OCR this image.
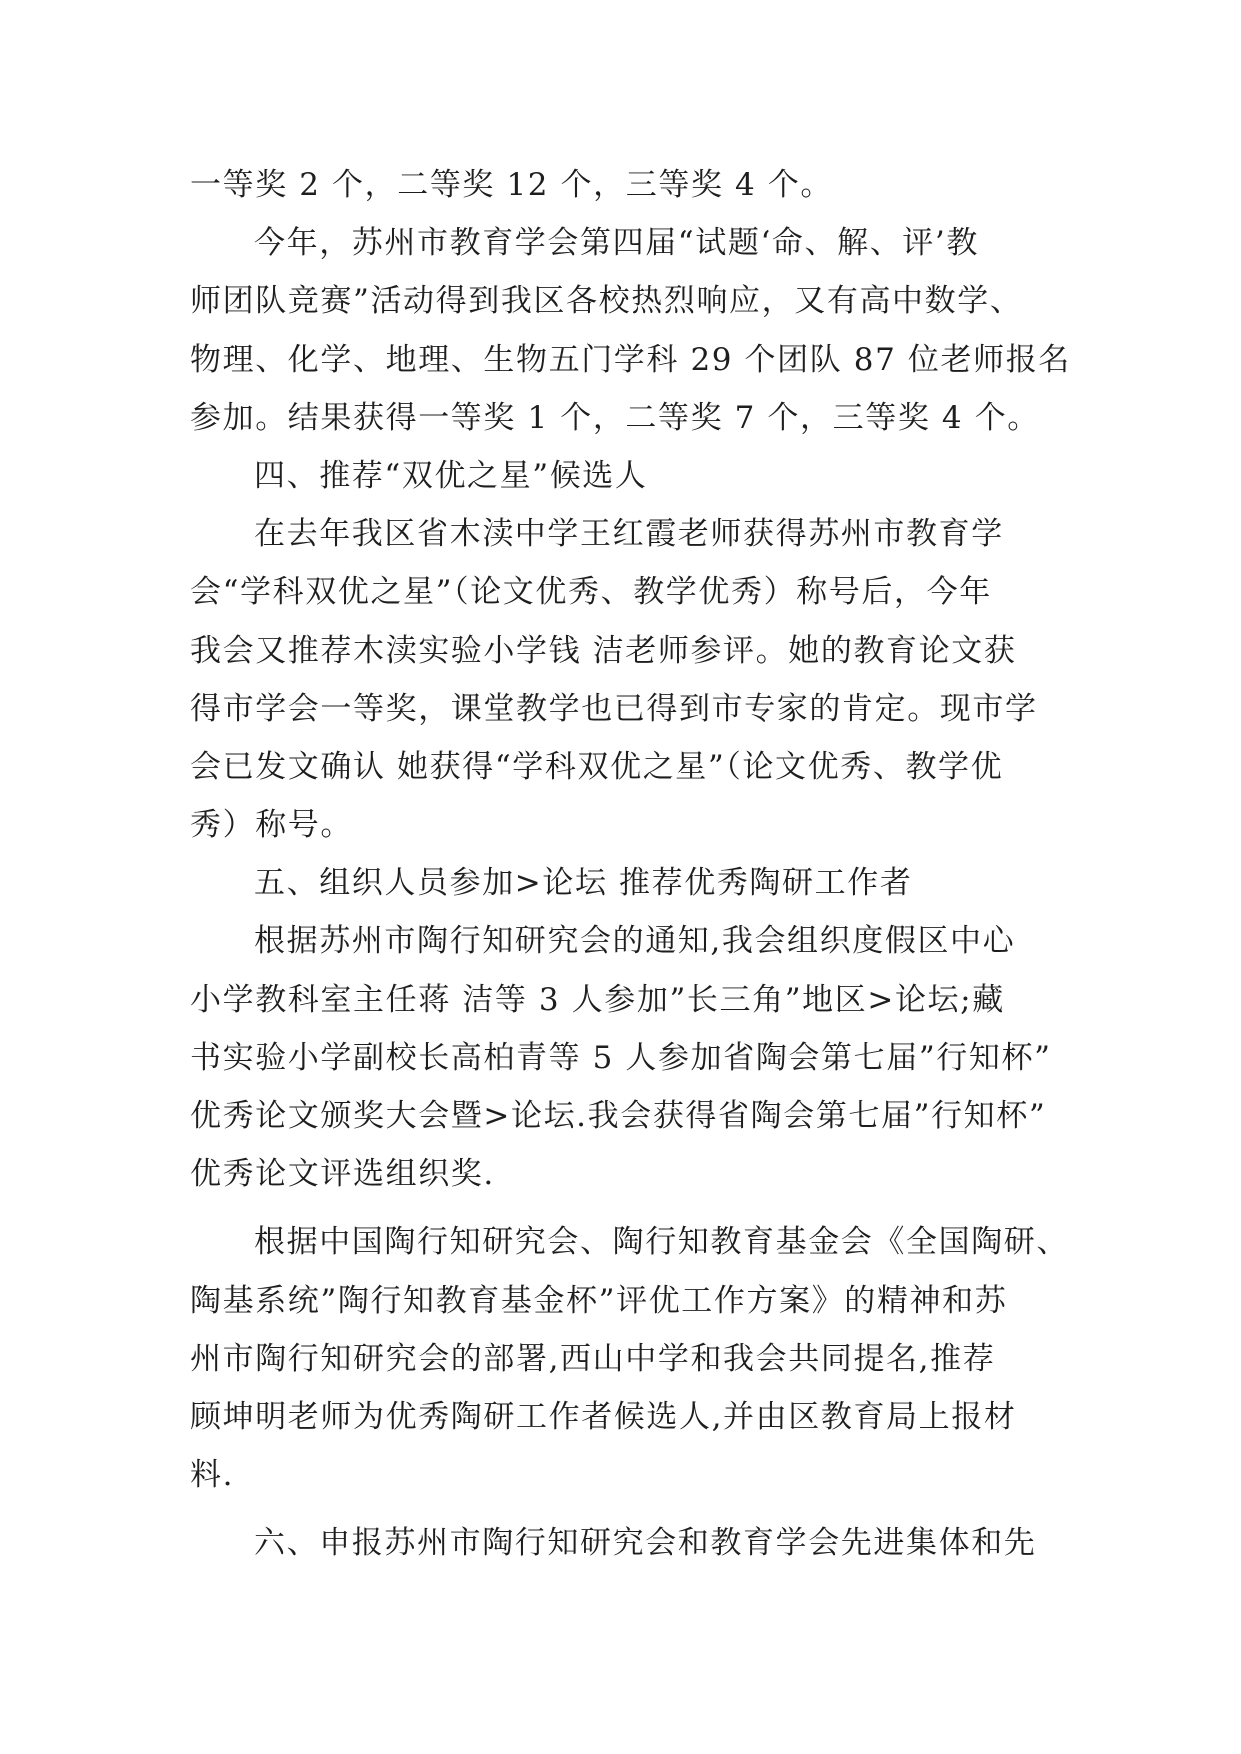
一等奖 2 个，二等奖 12 个，三等奖 4 个。
今年，苏州市教育学会第四届“试题‘命、解、评’教
师团队竞赛”活动得到我区各校热烈响应，又有高中数学、
物理、化学、地理、生物五门学科 29 个团队 87 位老师报名
参加。结果获得一等奖 1 个，二等奖 7 个，三等奖 4 个。
四、推荐“双优之星”候选人
在去年我区省木渎中学王红霞老师获得苏州市教育学
会“学科双优之星”（论文优秀、教学优秀）称号后，今年
我会又推荐木渎实验小学钱 洁老师参评。她的教育论文获
得市学会一等奖，课堂教学也已得到市专家的肯定。现市学
会已发文确认 她获得“学科双优之星”（论文优秀、教学优
秀）称号。
五、组织人员参加>论坛 推荐优秀陶研工作者
根据苏州市陶行知研究会的通知,我会组织度假区中心
小学教科室主任蒋 洁等 3 人参加”长三角”地区>论坛;藏
书实验小学副校长高柏青等 5 人参加省陶会第七届”行知杯”
优秀论文颁奖大会暨>论坛.我会获得省陶会第七届”行知杯”
优秀论文评选组织奖.
根据中国陶行知研究会、陶行知教育基金会《全国陶研、
陶基系统”陶行知教育基金杯”评优工作方案》的精神和苏
州市陶行知研究会的部署,西山中学和我会共同提名,推荐
顾坤明老师为优秀陶研工作者候选人,并由区教育局上报材
料.
六、申报苏州市陶行知研究会和教育学会先进集体和先
